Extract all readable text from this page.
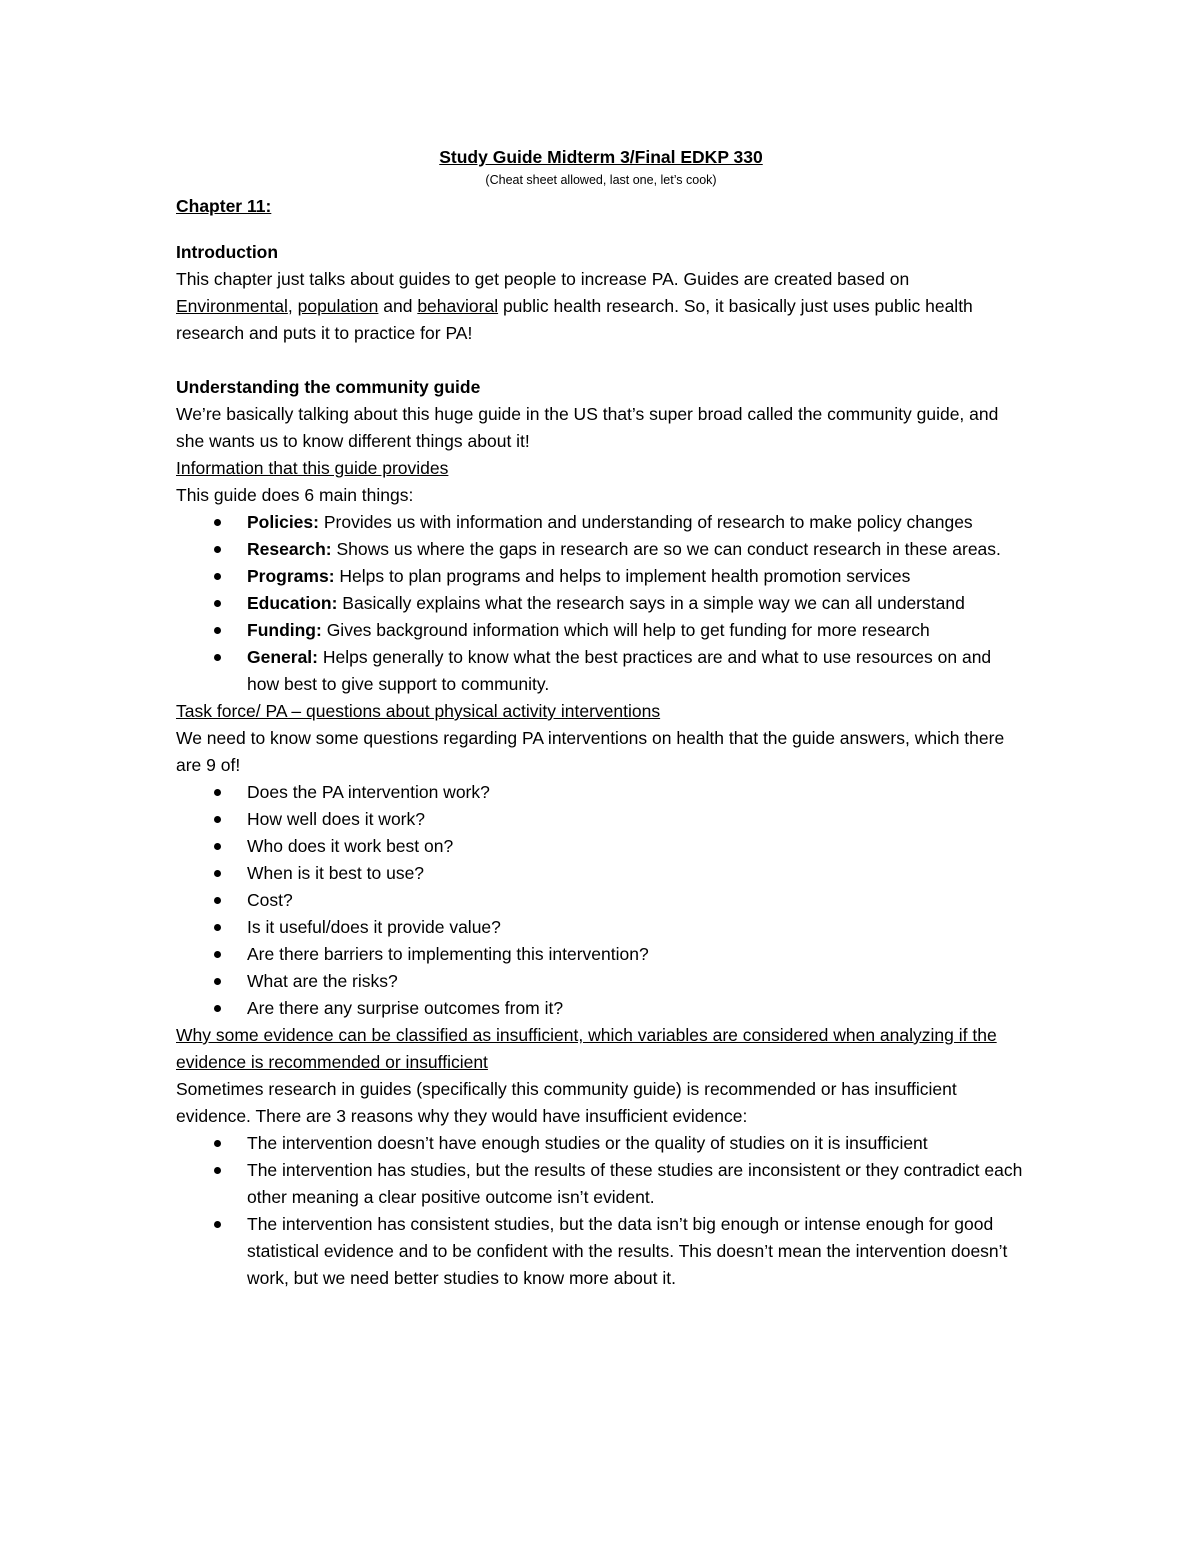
Study Guide Midterm 3/Final EDKP 330

(Cheat sheet allowed, last one, let’s cook)

Chapter 11:

Introduction

This chapter just talks about guides to get people to increase PA. Guides are created based on Environmental, population and behavioral public health research. So, it basically just uses public health research and puts it to practice for PA!

Understanding the community guide

We’re basically talking about this huge guide in the US that’s super broad called the community guide, and she wants us to know different things about it!

Information that this guide provides

This guide does 6 main things:

Policies: Provides us with information and understanding of research to make policy changes
Research: Shows us where the gaps in research are so we can conduct research in these areas.
Programs: Helps to plan programs and helps to implement health promotion services
Education: Basically explains what the research says in a simple way we can all understand
Funding: Gives background information which will help to get funding for more research
General: Helps generally to know what the best practices are and what to use resources on and how best to give support to community.

Task force/ PA – questions about physical activity interventions

We need to know some questions regarding PA interventions on health that the guide answers, which there are 9 of!

Does the PA intervention work?
How well does it work?
Who does it work best on?
When is it best to use?
Cost?
Is it useful/does it provide value?
Are there barriers to implementing this intervention?
What are the risks?
Are there any surprise outcomes from it?

Why some evidence can be classified as insufficient, which variables are considered when analyzing if the evidence is recommended or insufficient

Sometimes research in guides (specifically this community guide) is recommended or has insufficient evidence. There are 3 reasons why they would have insufficient evidence:

The intervention doesn’t have enough studies or the quality of studies on it is insufficient
The intervention has studies, but the results of these studies are inconsistent or they contradict each other meaning a clear positive outcome isn’t evident.
The intervention has consistent studies, but the data isn’t big enough or intense enough for good statistical evidence and to be confident with the results. This doesn’t mean the intervention doesn’t work, but we need better studies to know more about it.
